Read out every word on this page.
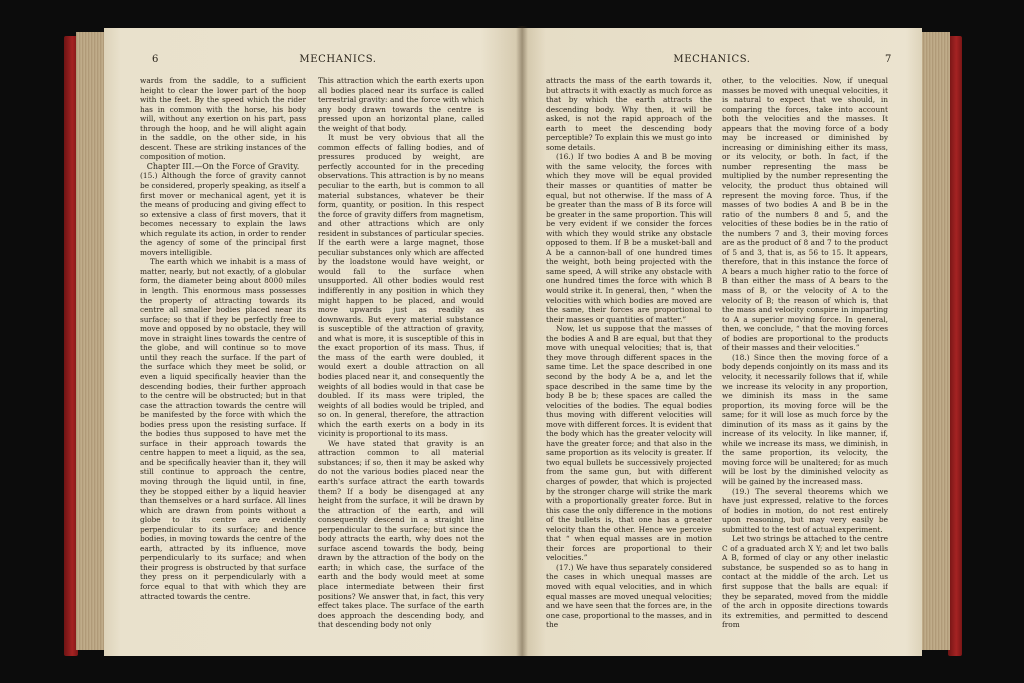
6	MECHANICS.

wards from the saddle, to a sufficient height to clear the lower part of the hoop with the feet. By the speed which the rider has in common with the horse, his body will, without any exertion on his part, pass through the hoop, and he will alight again in the saddle, on the other side, in his descent. These are striking instances of the composition of motion.

Chapter III.—On the Force of Gravity.

(15.) Although the force of gravity cannot be considered, properly speaking, as itself a first mover or mechanical agent, yet it is the means of producing and giving effect to so extensive a class of first movers, that it becomes necessary to explain the laws which regulate its action, in order to render the agency of some of the principal first movers intelligible.

The earth which we inhabit is a mass of matter, nearly, but not exactly, of a globular form, the diameter being about 8000 miles in length. This enormous mass possesses the property of attracting towards its centre all smaller bodies placed near its surface; so that if they be perfectly free to move and opposed by no obstacle, they will move in straight lines towards the centre of the globe, and will continue so to move until they reach the surface. If the part of the surface which they meet be solid, or even a liquid specifically heavier than the descending bodies, their further approach to the centre will be obstructed; but in that case the attraction towards the centre will be manifested by the force with which the bodies press upon the resisting surface. If the bodies thus supposed to have met the surface in their approach towards the centre happen to meet a liquid, as the sea, and be specifically heavier than it, they will still continue to approach the centre, moving through the liquid until, in fine, they be stopped either by a liquid heavier than themselves or a hard surface. All lines which are drawn from points without a globe to its centre are evidently perpendicular to its surface; and hence bodies, in moving towards the centre of the earth, attracted by its influence, move perpendicularly to its surface; and when their progress is obstructed by that surface they press on it perpendicularly with a force equal to that with which they are attracted towards the centre.

This attraction which the earth exerts upon all bodies placed near its surface is called terrestrial gravity: and the force with which any body drawn towards the centre is pressed upon an horizontal plane, called the weight of that body.

It must be very obvious that all the common effects of falling bodies, and of pressures produced by weight, are perfectly accounted for in the preceding observations. This attraction is by no means peculiar to the earth, but is common to all material substances, whatever be their form, quantity, or position. In this respect the force of gravity differs from magnetism, and other attractions which are only resident in substances of particular species. If the earth were a large magnet, those peculiar substances only which are affected by the loadstone would have weight, or would fall to the surface when unsupported. All other bodies would rest indifferently in any position in which they might happen to be placed, and would move upwards just as readily as downwards. But every material substance is susceptible of the attraction of gravity, and what is more, it is susceptible of this in the exact proportion of its mass. Thus, if the mass of the earth were doubled, it would exert a double attraction on all bodies placed near it, and consequently the weights of all bodies would in that case be doubled. If its mass were tripled, the weights of all bodies would be tripled, and so on. In general, therefore, the attraction which the earth exerts on a body in its vicinity is proportional to its mass.

We have stated that gravity is an attraction common to all material substances; if so, then it may be asked why do not the various bodies placed near the earth's surface attract the earth towards them? If a body be disengaged at any height from the surface, it will be drawn by the attraction of the earth, and will consequently descend in a straight line perpendicular to the surface; but since the body attracts the earth, why does not the surface ascend towards the body, being drawn by the attraction of the body on the earth; in which case, the surface of the earth and the body would meet at some place intermediate between their first positions? We answer that, in fact, this very effect takes place. The surface of the earth does approach the descending body, and that descending body not only

MECHANICS.	7

attracts the mass of the earth towards it, but attracts it with exactly as much force as that by which the earth attracts the descending body. Why then, it will be asked, is not the rapid approach of the earth to meet the descending body perceptible? To explain this we must go into some details.

(16.) If two bodies A and B be moving with the same velocity, the forces with which they move will be equal provided their masses or quantities of matter be equal, but not otherwise. If the mass of A be greater than the mass of B its force will be greater in the same proportion. This will be very evident if we consider the forces with which they would strike any obstacle opposed to them. If B be a musket-ball and A be a cannon-ball of one hundred times the weight, both being projected with the same speed, A will strike any obstacle with one hundred times the force with which B would strike it. In general, then, “ when the velocities with which bodies are moved are the same, their forces are proportional to their masses or quantities of matter.”

Now, let us suppose that the masses of the bodies A and B are equal, but that they move with unequal velocities; that is, that they move through different spaces in the same time. Let the space described in one second by the body A be a, and let the space described in the same time by the body B be b; these spaces are called the velocities of the bodies. The equal bodies thus moving with different velocities will move with different forces. It is evident that the body which has the greater velocity will have the greater force; and that also in the same proportion as its velocity is greater. If two equal bullets be successively projected from the same gun, but with different charges of powder, that which is projected by the stronger charge will strike the mark with a proportionally greater force. But in this case the only difference in the motions of the bullets is, that one has a greater velocity than the other. Hence we perceive that “ when equal masses are in motion their forces are proportional to their velocities.”

(17.) We have thus separately considered the cases in which unequal masses are moved with equal velocities, and in which equal masses are moved unequal velocities; and we have seen that the forces are, in the one case, proportional to the masses, and in the

other, to the velocities. Now, if unequal masses be moved with unequal velocities, it is natural to expect that we should, in comparing the forces, take into account both the velocities and the masses. It appears that the moving force of a body may be increased or diminished by increasing or diminishing either its mass, or its velocity, or both. In fact, if the number representing the mass be multiplied by the number representing the velocity, the product thus obtained will represent the moving force. Thus, if the masses of two bodies A and B be in the ratio of the numbers 8 and 5, and the velocities of these bodies be in the ratio of the numbers 7 and 3, their moving forces are as the product of 8 and 7 to the product of 5 and 3, that is, as 56 to 15. It appears, therefore, that in this instance the force of A bears a much higher ratio to the force of B than either the mass of A bears to the mass of B, or the velocity of A to the velocity of B; the reason of which is, that the mass and velocity conspire in imparting to A a superior moving force. In general, then, we conclude, “ that the moving forces of bodies are proportional to the products of their masses and their velocities.”

(18.) Since then the moving force of a body depends conjointly on its mass and its velocity, it necessarily follows that if, while we increase its velocity in any proportion, we diminish its mass in the same proportion, its moving force will be the same; for it will lose as much force by the diminution of its mass as it gains by the increase of its velocity. In like manner, if, while we increase its mass, we diminish, in the same proportion, its velocity, the moving force will be unaltered; for as much will be lost by the diminished velocity as will be gained by the increased mass.

(19.) The several theorems which we have just expressed, relative to the forces of bodies in motion, do not rest entirely upon reasoning, but may very easily be submitted to the test of actual experiment.

Let two strings be attached to the centre C of a graduated arch X Y; and let two balls A B, formed of clay or any other inelastic substance, be suspended so as to hang in contact at the middle of the arch. Let us first suppose that the balls are equal: if they be separated, moved from the middle of the arch in opposite directions towards its extremities, and permitted to descend from
